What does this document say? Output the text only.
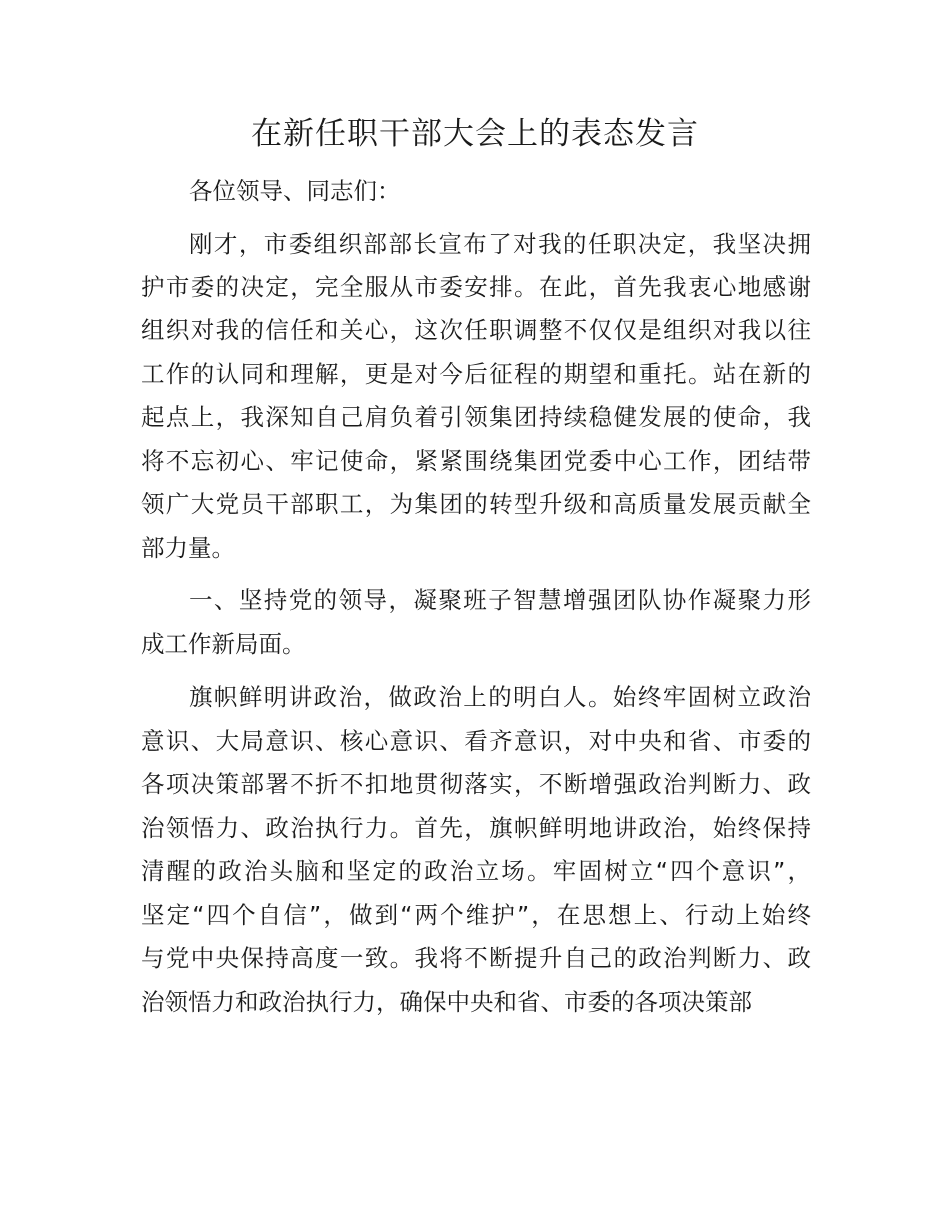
在新任职干部大会上的表态发言

各位领导、同志们：

刚才，市委组织部部长宣布了对我的任职决定，我坚决拥

护市委的决定，完全服从市委安排。在此，首先我衷心地感谢

组织对我的信任和关心，这次任职调整不仅仅是组织对我以往

工作的认同和理解，更是对今后征程的期望和重托。站在新的

起点上，我深知自己肩负着引领集团持续稳健发展的使命，我

将不忘初心、牢记使命，紧紧围绕集团党委中心工作，团结带

领广大党员干部职工，为集团的转型升级和高质量发展贡献全

部力量。

一、坚持党的领导，凝聚班子智慧增强团队协作凝聚力形

成工作新局面。

旗帜鲜明讲政治，做政治上的明白人。始终牢固树立政治

意识、大局意识、核心意识、看齐意识，对中央和省、市委的

各项决策部署不折不扣地贯彻落实，不断增强政治判断力、政

治领悟力、政治执行力。首先，旗帜鲜明地讲政治，始终保持

清醒的政治头脑和坚定的政治立场。牢固树立“四个意识”，

坚定“四个自信”，做到“两个维护”，在思想上、行动上始终

与党中央保持高度一致。我将不断提升自己的政治判断力、政

治领悟力和政治执行力，确保中央和省、市委的各项决策部
